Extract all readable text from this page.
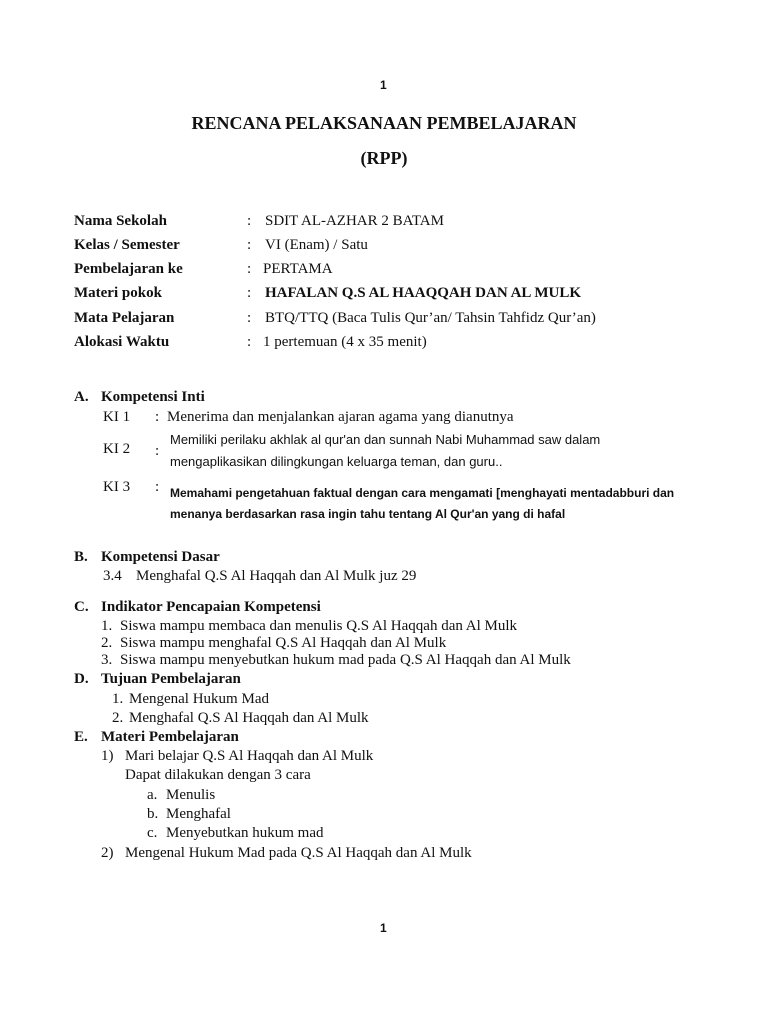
1
RENCANA PELAKSANAAN PEMBELAJARAN
(RPP)
Nama Sekolah	: SDIT AL-AZHAR 2 BATAM
Kelas / Semester	: VI (Enam) / Satu
Pembelajaran ke	: PERTAMA
Materi pokok	: HAFALAN Q.S AL HAAQQAH DAN AL MULK
Mata Pelajaran	: BTQ/TTQ (Baca Tulis Qur’an/ Tahsin Tahfidz Qur’an)
Alokasi Waktu	: 1 pertemuan (4 x 35 menit)
A. Kompetensi Inti
KI 1 : Menerima dan menjalankan ajaran agama yang dianutnya
KI 2 :
Memiliki perilaku akhlak al qur'an dan sunnah Nabi Muhammad saw dalam
mengaplikasikan dilingkungan keluarga teman, dan guru..
KI 3 : Memahami pengetahuan faktual dengan cara mengamati [menghayati mentadabburi dan
menanya berdasarkan rasa ingin tahu tentang Al Qur'an yang di hafal
B. Kompetensi Dasar
3.4 Menghafal Q.S Al Haqqah dan Al Mulk juz 29
C. Indikator Pencapaian Kompetensi
1. Siswa mampu membaca dan menulis Q.S Al Haqqah dan Al Mulk
2. Siswa mampu menghafal Q.S Al Haqqah dan Al Mulk
3. Siswa mampu menyebutkan hukum mad pada Q.S Al Haqqah dan Al Mulk
D. Tujuan Pembelajaran
1. Mengenal Hukum Mad
2. Menghafal Q.S Al Haqqah dan Al Mulk
E. Materi Pembelajaran
1) Mari belajar Q.S Al Haqqah dan Al Mulk
Dapat dilakukan dengan 3 cara
a. Menulis
b. Menghafal
c. Menyebutkan hukum mad
2) Mengenal Hukum Mad pada Q.S Al Haqqah dan Al Mulk
1
